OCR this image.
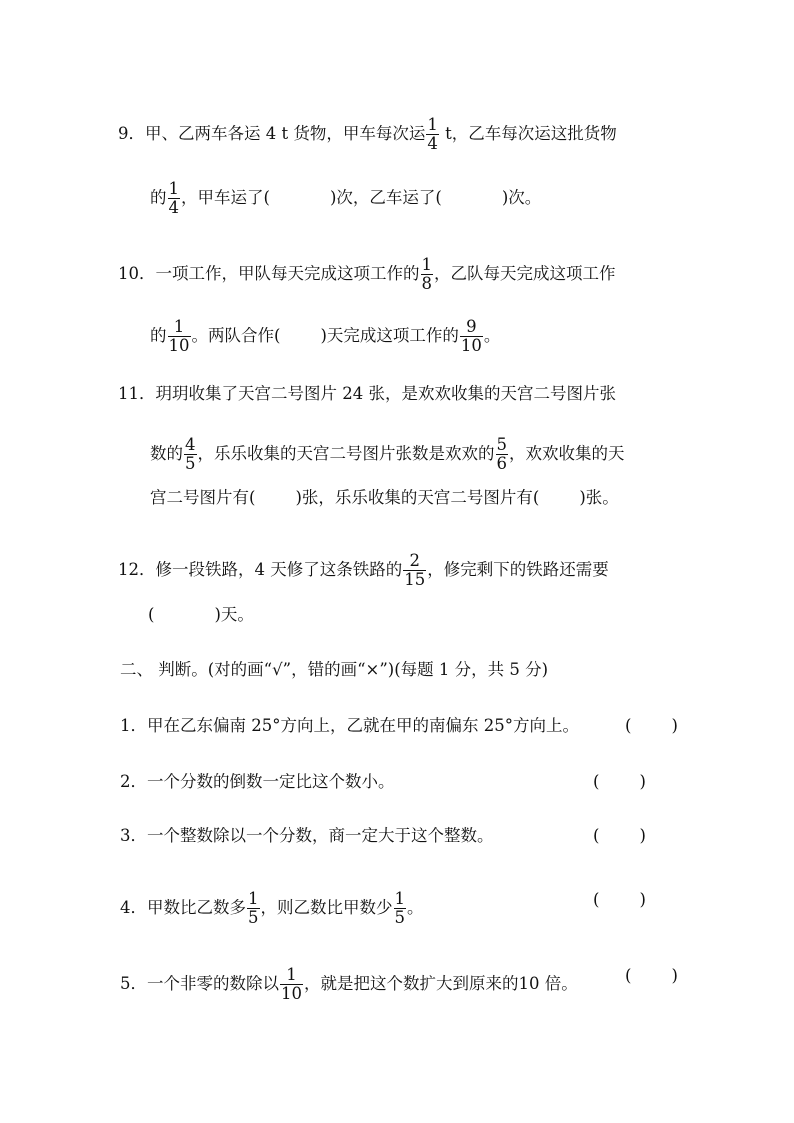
9．甲、乙两车各运 4 t 货物，甲车每次运 $\frac{1}{4}$ t，乙车每次运这批货物
的 $\frac{1}{4}$ ，甲车运了(	)次，乙车运了(	)次。
10．一项工作，甲队每天完成这项工作的 $\frac{1}{8}$ ，乙队每天完成这项工作
的 $\frac{1}{10}$ 。两队合作( )天完成这项工作的 $\frac{9}{10}$ 。
11．玥玥收集了天宫二号图片 24 张，是欢欢收集的天宫二号图片张
数的 $\frac{4}{5}$ ，乐乐收集的天宫二号图片张数是欢欢的 $\frac{5}{6}$ ，欢欢收集的天
宫二号图片有( )张，乐乐收集的天宫二号图片有( )张。
12．修一段铁路，4 天修了这条铁路的 $\frac{2}{15}$ ，修完剩下的铁路还需要
(	)天。
二、 判断。(对的画“√”，错的画“×”)(每题 1 分，共 5 分)
1．甲在乙东偏南 25°方向上，乙就在甲的南偏东 25°方向上。	( )
2．一个分数的倒数一定比这个数小。	( )
3．一个整数除以一个分数，商一定大于这个整数。	( )
4．甲数比乙数多 $\frac{1}{5}$ ，则乙数比甲数少 $\frac{1}{5}$ 。	( )
5．一个非零的数除以 $\frac{1}{10}$ ，就是把这个数扩大到原来的10 倍。	( )
